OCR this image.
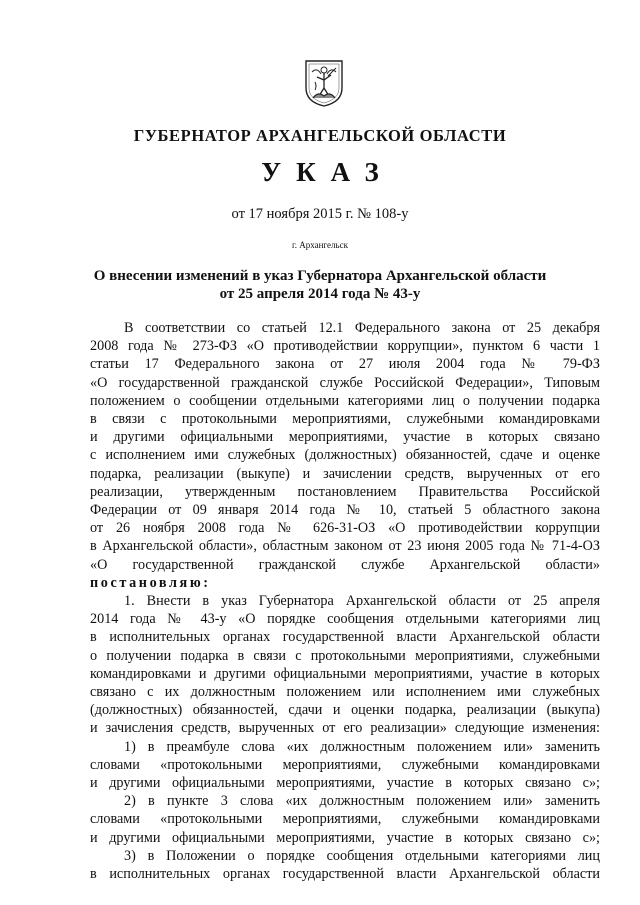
ГУБЕРНАТОР АРХАНГЕЛЬСКОЙ ОБЛАСТИ
УКАЗ
от 17 ноября 2015 г. № 108-у
г. Архангельск
О внесении изменений в указ Губернатора Архангельской области
от 25 апреля 2014 года № 43-у

В соответствии со статьей 12.1 Федерального закона от 25 декабря

2008 года № 273-ФЗ «О противодействии коррупции», пунктом 6 части 1

статьи 17 Федерального закона от 27 июля 2004 года № 79-ФЗ

«О государственной гражданской службе Российской Федерации», Типовым

положением о сообщении отдельными категориями лиц о получении подарка

в связи с протокольными мероприятиями, служебными командировками

и другими официальными мероприятиями, участие в которых связано

с исполнением ими служебных (должностных) обязанностей, сдаче и оценке

подарка, реализации (выкупе) и зачислении средств, вырученных от его

реализации, утвержденным постановлением Правительства Российской

Федерации от 09 января 2014 года № 10, статьей 5 областного закона

от 26 ноября 2008 года № 626-31-ОЗ «О противодействии коррупции

в Архангельской области», областным законом от 23 июня 2005 года № 71-4-ОЗ

«О государственной гражданской службе Архангельской области»

постановляю:

1. Внести в указ Губернатора Архангельской области от 25 апреля

2014 года № 43-у «О порядке сообщения отдельными категориями лиц

в исполнительных органах государственной власти Архангельской области

о получении подарка в связи с протокольными мероприятиями, служебными

командировками и другими официальными мероприятиями, участие в которых

связано с их должностным положением или исполнением ими служебных

(должностных) обязанностей, сдачи и оценки подарка, реализации (выкупа)

и зачисления средств, вырученных от его реализации» следующие изменения:

1) в преамбуле слова «их должностным положением или» заменить

словами «протокольными мероприятиями, служебными командировками

и другими официальными мероприятиями, участие в которых связано с»;

2) в пункте 3 слова «их должностным положением или» заменить

словами «протокольными мероприятиями, служебными командировками

и другими официальными мероприятиями, участие в которых связано с»;

3) в Положении о порядке сообщения отдельными категориями лиц

в исполнительных органах государственной власти Архангельской области
